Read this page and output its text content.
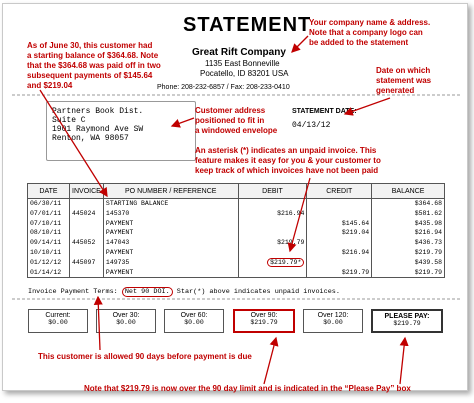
STATEMENT
Great Rift Company
1135 East Bonneville
Pocatello, ID 83201 USA
Phone: 208-232-6857 / Fax: 208-233-0410
Partners Book Dist.
Suite C
1901 Raymond Ave SW
Renton, WA 98057
STATEMENT DATE:
04/13/12
DATE	INVOICE	PO NUMBER / REFERENCE	DEBIT	CREDIT	BALANCE
06/30/11		STARTING BALANCE			$364.68
07/01/11	445024	145370	$216.94		$581.62
07/10/11		PAYMENT		$145.64	$435.98
08/10/11		PAYMENT		$219.04	$216.94
09/14/11	445052	147043	$219.79		$436.73
10/10/11		PAYMENT		$216.94	$219.79
01/12/12	445097	149735	$219.79*		$439.58
01/14/12		PAYMENT		$219.79	$219.79
Invoice Payment Terms: Net 90 DOI. Star(*) above indicates unpaid invoices.
Current:
$0.00
Over 30:
$0.00
Over 60:
$0.00
Over 90:
$219.79
Over 120:
$0.00
PLEASE PAY:
$219.79
As of June 30, this customer had
a starting balance of $364.68. Note
that the $364.68 was paid off in two
subsequent payments of $145.64
and $219.04
Your company name & address.
Note that a company logo can
be added to the statement
Date on which
statement was
generated
Customer address
positioned to fit in
a windowed envelope
An asterisk (*) indicates an unpaid invoice. This
feature makes it easy for you & your customer to
keep track of which invoices have not been paid
This customer is allowed 90 days before payment is due
Note that $219.79 is now over the 90 day limit and is indicated in the “Please Pay” box
